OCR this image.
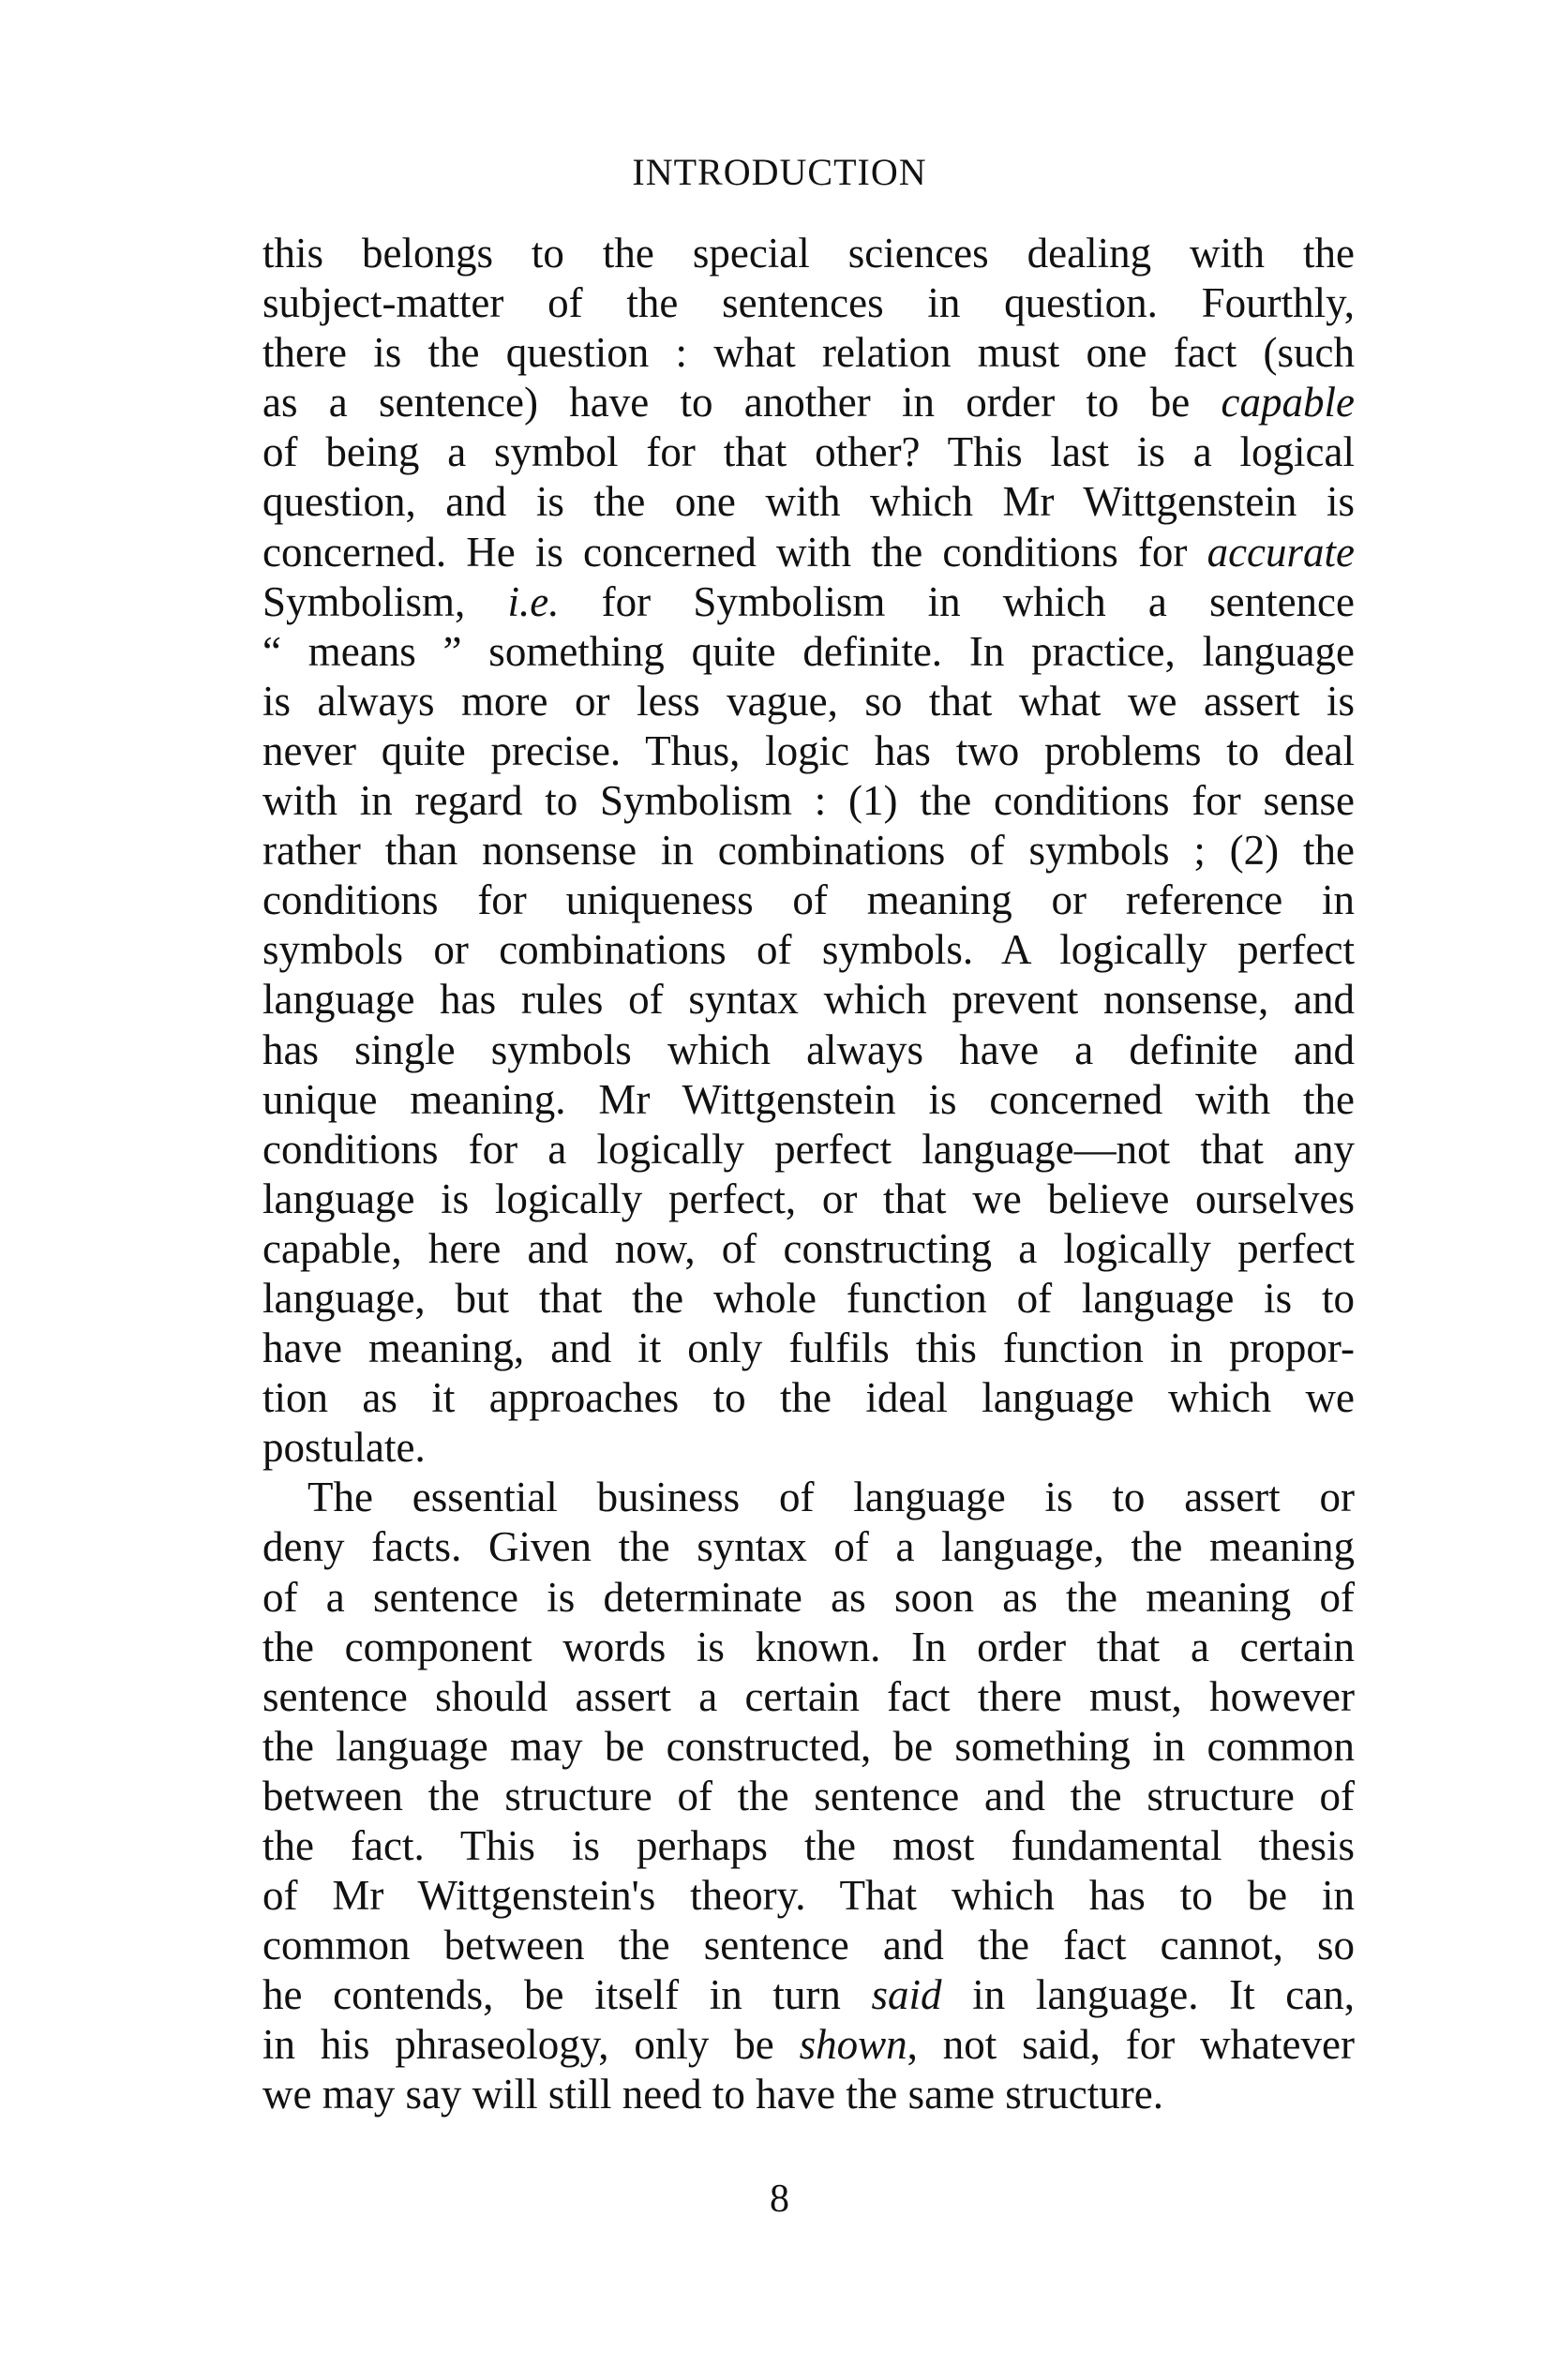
INTRODUCTION
this belongs to the special sciences dealing with the
subject-matter of the sentences in question. Fourthly,
there is the question : what relation must one fact (such
as a sentence) have to another in order to be capable
of being a symbol for that other? This last is a logical
question, and is the one with which Mr Wittgenstein is
concerned. He is concerned with the conditions for accurate
Symbolism, i.e. for Symbolism in which a sentence
“ means ” something quite definite. In practice, language
is always more or less vague, so that what we assert is
never quite precise. Thus, logic has two problems to deal
with in regard to Symbolism : (1) the conditions for sense
rather than nonsense in combinations of symbols ; (2) the
conditions for uniqueness of meaning or reference in
symbols or combinations of symbols. A logically perfect
language has rules of syntax which prevent nonsense, and
has single symbols which always have a definite and
unique meaning. Mr Wittgenstein is concerned with the
conditions for a logically perfect language—not that any
language is logically perfect, or that we believe ourselves
capable, here and now, of constructing a logically perfect
language, but that the whole function of language is to
have meaning, and it only fulfils this function in propor-
tion as it approaches to the ideal language which we
postulate.
The essential business of language is to assert or
deny facts. Given the syntax of a language, the meaning
of a sentence is determinate as soon as the meaning of
the component words is known. In order that a certain
sentence should assert a certain fact there must, however
the language may be constructed, be something in common
between the structure of the sentence and the structure of
the fact. This is perhaps the most fundamental thesis
of Mr Wittgenstein's theory. That which has to be in
common between the sentence and the fact cannot, so
he contends, be itself in turn said in language. It can,
in his phraseology, only be shown, not said, for whatever
we may say will still need to have the same structure.
8
